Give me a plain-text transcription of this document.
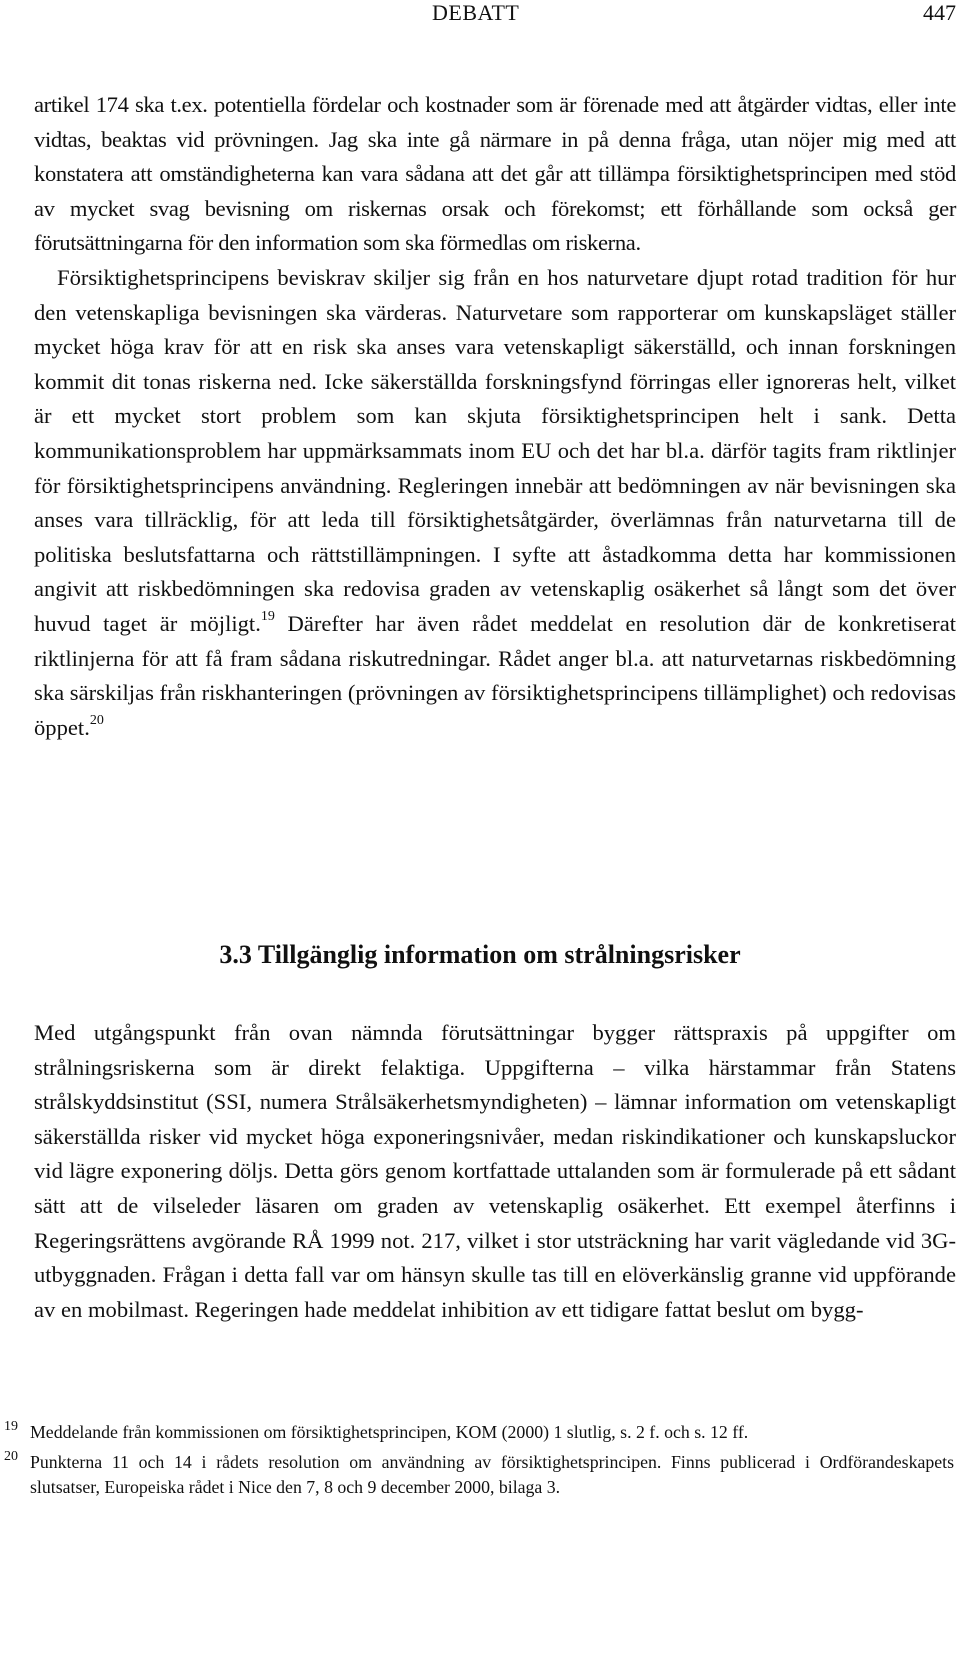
DEBATT	447

artikel 174 ska t.ex. potentiella fördelar och kostnader som är förenade med att åtgärder vidtas, eller inte vidtas, beaktas vid prövningen. Jag ska inte gå närmare in på denna fråga, utan nöjer mig med att konstatera att omständigheterna kan vara sådana att det går att tillämpa försiktighetsprincipen med stöd av mycket svag bevisning om riskernas orsak och förekomst; ett förhållande som också ger förutsättningarna för den information som ska förmedlas om riskerna.

Försiktighetsprincipens beviskrav skiljer sig från en hos naturvetare djupt rotad tradition för hur den vetenskapliga bevisningen ska värderas. Naturvetare som rapporterar om kunskapsläget ställer mycket höga krav för att en risk ska anses vara vetenskapligt säkerställd, och innan forskningen kommit dit tonas riskerna ned. Icke säkerställda forskningsfynd förringas eller ignoreras helt, vilket är ett mycket stort problem som kan skjuta försiktighetsprincipen helt i sank. Detta kommunikationsproblem har uppmärksammats inom EU och det har bl.a. därför tagits fram riktlinjer för försiktighetsprincipens användning. Regleringen innebär att bedömningen av när bevisningen ska anses vara tillräcklig, för att leda till försiktighetsåtgärder, överlämnas från naturvetarna till de politiska beslutsfattarna och rättstillämpningen. I syfte att åstadkomma detta har kommissionen angivit att riskbedömningen ska redovisa graden av vetenskaplig osäkerhet så långt som det över huvud taget är möjligt.$^{19}$ Därefter har även rådet meddelat en resolution där de konkretiserat riktlinjerna för att få fram sådana riskutredningar. Rådet anger bl.a. att naturvetarnas riskbedömning ska särskiljas från riskhanteringen (prövningen av försiktighetsprincipens tillämplighet) och redovisas öppet.$^{20}$

3.3 Tillgänglig information om strålningsrisker

Med utgångspunkt från ovan nämnda förutsättningar bygger rättspraxis på uppgifter om strålningsriskerna som är direkt felaktiga. Uppgifterna – vilka härstammar från Statens strålskyddsinstitut (SSI, numera Strålsäkerhetsmyndigheten) – lämnar information om vetenskapligt säkerställda risker vid mycket höga exponeringsnivåer, medan riskindikationer och kunskapsluckor vid lägre exponering döljs. Detta görs genom kortfattade uttalanden som är formulerade på ett sådant sätt att de vilseleder läsaren om graden av vetenskaplig osäkerhet. Ett exempel återfinns i Regeringsrättens avgörande RÅ 1999 not. 217, vilket i stor utsträckning har varit vägledande vid 3G-utbyggnaden. Frågan i detta fall var om hänsyn skulle tas till en elöverkänslig granne vid uppförande av en mobilmast. Regeringen hade meddelat inhibition av ett tidigare fattat beslut om bygg-

19 Meddelande från kommissionen om försiktighetsprincipen, KOM (2000) 1 slutlig, s. 2 f. och s. 12 ff.

20 Punkterna 11 och 14 i rådets resolution om användning av försiktighetsprincipen. Finns publicerad i Ordförandeskapets slutsatser, Europeiska rådet i Nice den 7, 8 och 9 december 2000, bilaga 3.
